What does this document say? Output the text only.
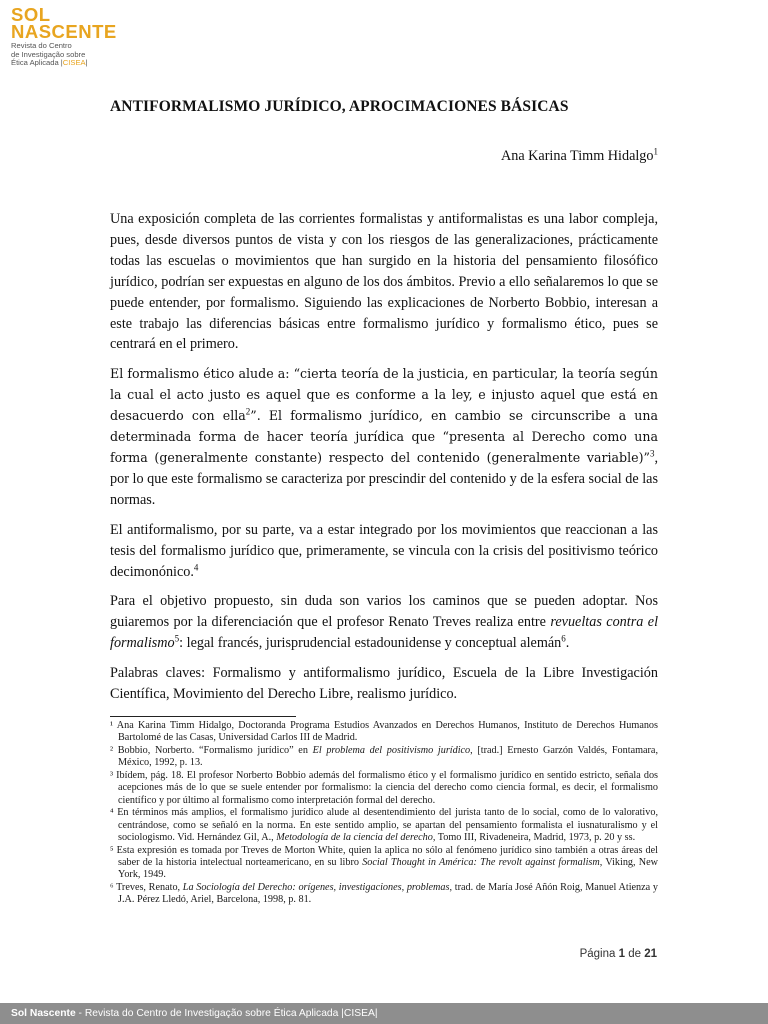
SOL
NASCENTE
Revista do Centro
de Investigação sobre
Ética Aplicada |CISEA|
ANTIFORMALISMO JURÍDICO, APROCIMACIONES BÁSICAS
Ana Karina Timm Hidalgo$^1$

Una exposición completa de las corrientes formalistas y antiformalistas es una labor compleja, pues, desde diversos puntos de vista y con los riesgos de las generalizaciones, prácticamente todas las escuelas o movimientos que han surgido en la historia del pensamiento filosófico jurídico, podrían ser expuestas en alguno de los dos ámbitos. Previo a ello señalaremos lo que se puede entender, por formalismo. Siguiendo las explicaciones de Norberto Bobbio, interesan a este trabajo las diferencias básicas entre formalismo jurídico y formalismo ético, pues se centrará en el primero.

El formalismo ético alude a: “cierta teoría de la justicia, en particular, la teoría según la cual el acto justo es aquel que es conforme a la ley, e injusto aquel que está en desacuerdo con ella$^2$”. El formalismo jurídico, en cambio se circunscribe a una determinada forma de hacer teoría jurídica que “presenta al Derecho como una forma (generalmente constante) respecto del contenido (generalmente variable)”$^3$, por lo que este formalismo se caracteriza por prescindir del contenido y de la esfera social de las normas.

El antiformalismo, por su parte, va a estar integrado por los movimientos que reaccionan a las tesis del formalismo jurídico que, primeramente, se vincula con la crisis del positivismo teórico decimonónico.$^4$

Para el objetivo propuesto, sin duda son varios los caminos que se pueden adoptar. Nos guiaremos por la diferenciación que el profesor Renato Treves realiza entre revueltas contra el formalismo$^5$: legal francés, jurisprudencial estadounidense y conceptual alemán$^6$.

Palabras claves: Formalismo y antiformalismo jurídico, Escuela de la Libre Investigación Científica, Movimiento del Derecho Libre, realismo jurídico.

¹ Ana Karina Timm Hidalgo, Doctoranda Programa Estudios Avanzados en Derechos Humanos, Instituto de Derechos Humanos Bartolomé de las Casas, Universidad Carlos III de Madrid.

² Bobbio, Norberto. “Formalismo jurídico” en El problema del positivismo jurídico, [trad.] Ernesto Garzón Valdés, Fontamara, México, 1992, p. 13.

³ Ibídem, pág. 18. El profesor Norberto Bobbio además del formalismo ético y el formalismo jurídico en sentido estricto, señala dos acepciones más de lo que se suele entender por formalismo: la ciencia del derecho como ciencia formal, es decir, el formalismo científico y por último al formalismo como interpretación formal del derecho.

⁴ En términos más amplios, el formalismo jurídico alude al desentendimiento del jurista tanto de lo social, como de lo valorativo, centrándose, como se señaló en la norma. En este sentido amplio, se apartan del pensamiento formalista el iusnaturalismo y el sociologismo. Vid. Hernández Gil, A., Metodología de la ciencia del derecho, Tomo III, Rivadeneira, Madrid, 1973, p. 20 y ss.

⁵ Esta expresión es tomada por Treves de Morton White, quien la aplica no sólo al fenómeno jurídico sino también a otras áreas del saber de la historia intelectual norteamericano, en su libro Social Thought in América: The revolt against formalism, Viking, New York, 1949.

⁶ Treves, Renato, La Sociología del Derecho: orígenes, investigaciones, problemas, trad. de María José Añón Roig, Manuel Atienza y J.A. Pérez Lledó, Ariel, Barcelona, 1998, p. 81.

Página 1 de 21
Sol Nascente - Revista do Centro de Investigação sobre Ética Aplicada |CISEA|
